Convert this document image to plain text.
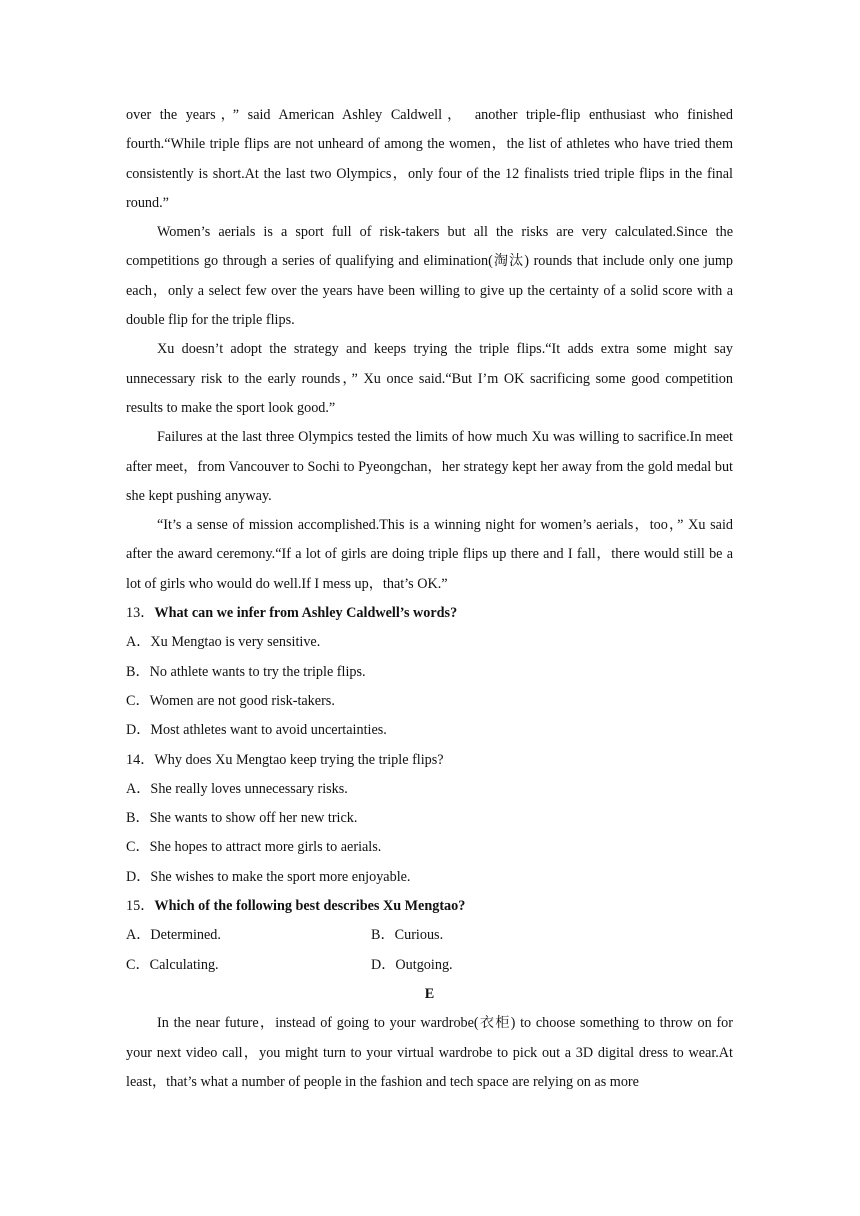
over the years，” said American Ashley Caldwell， another triple-flip enthusiast who finished fourth.“While triple flips are not unheard of among the women，the list of athletes who have tried them consistently is short.At the last two Olympics，only four of the 12 finalists tried triple flips in the final round.”

Women’s aerials is a sport full of risk-takers but all the risks are very calculated.Since the competitions go through a series of qualifying and elimination(淘汰) rounds that include only one jump each，only a select few over the years have been willing to give up the certainty of a solid score with a double flip for the triple flips.

Xu doesn’t adopt the strategy and keeps trying the triple flips.“It adds extra some might say unnecessary risk to the early rounds，” Xu once said.“But I’m OK sacrificing some good competition results to make the sport look good.”

Failures at the last three Olympics tested the limits of how much Xu was willing to sacrifice.In meet after meet，from Vancouver to Sochi to Pyeongchan，her strategy kept her away from the gold medal but she kept pushing anyway.

“It’s a sense of mission accomplished.This is a winning night for women’s aerials，too，” Xu said after the award ceremony.“If a lot of girls are doing triple flips up there and I fall，there would still be a lot of girls who would do well.If I mess up，that’s OK.”

13．What can we infer from Ashley Caldwell’s words?
A．Xu Mengtao is very sensitive.
B．No athlete wants to try the triple flips.
C．Women are not good risk-takers.
D．Most athletes want to avoid uncertainties.
14．Why does Xu Mengtao keep trying the triple flips?
A．She really loves unnecessary risks.
B．She wants to show off her new trick.
C．She hopes to attract more girls to aerials.
D．She wishes to make the sport more enjoyable.
15．Which of the following best describes Xu Mengtao?
A．Determined.	B．Curious.
C．Calculating.	D．Outgoing.
E

In the near future，instead of going to your wardrobe(衣柜) to choose something to throw on for your next video call，you might turn to your virtual wardrobe to pick out a 3D digital dress to wear.At least，that’s what a number of people in the fashion and tech space are relying on as more
